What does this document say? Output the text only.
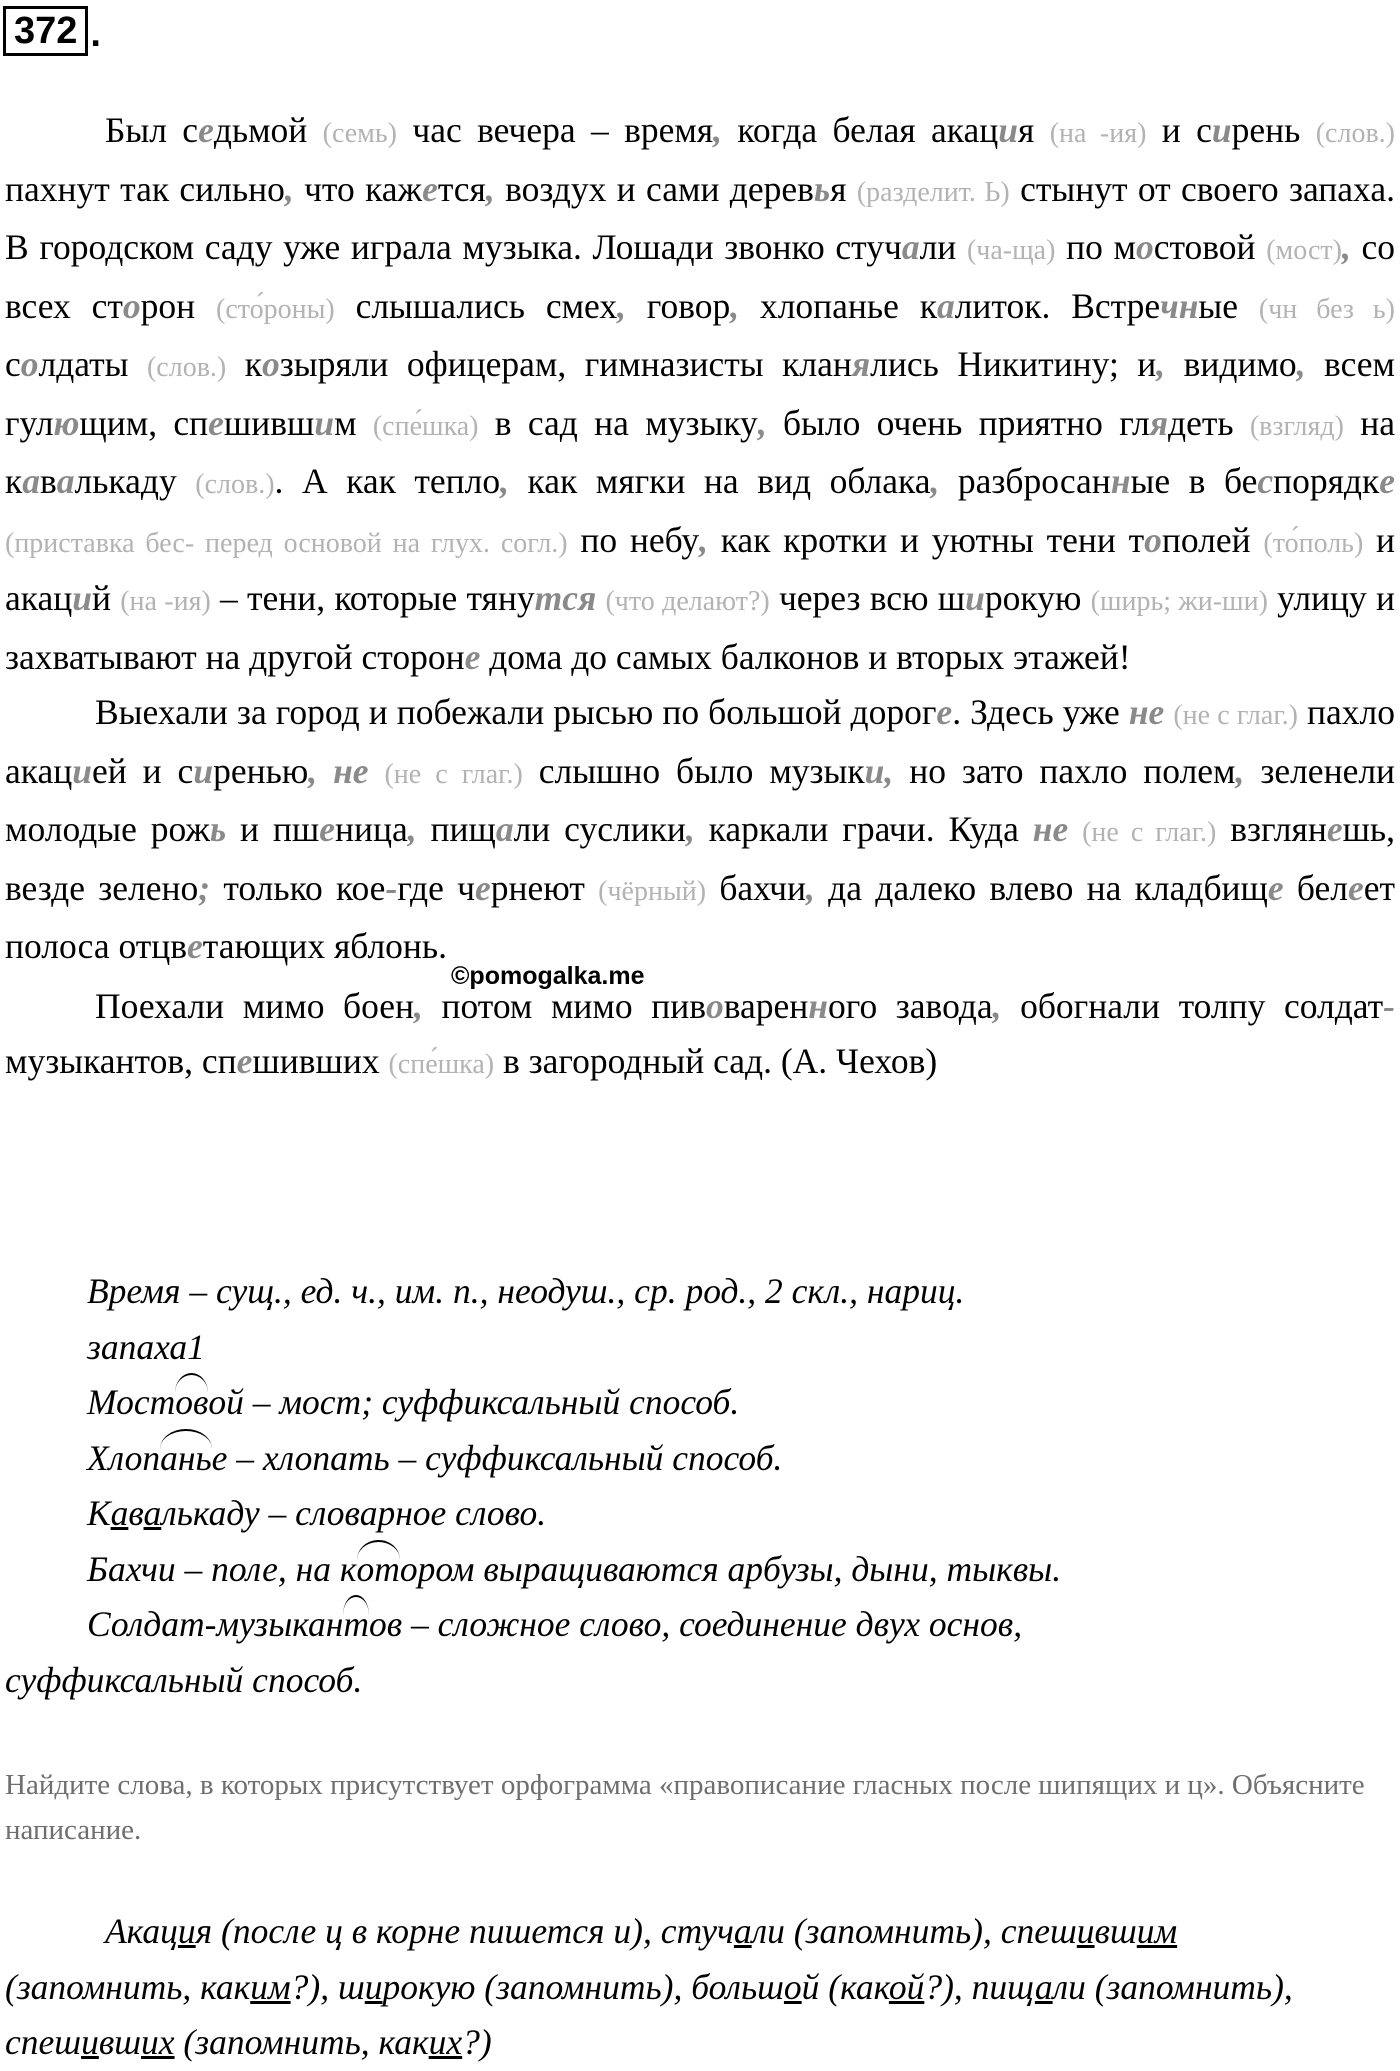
372 .

Был седьмой (семь) час вечера – время, когда белая акация (на -ия) и сирень (слов.) пахнут так сильно, что кажется, воздух и сами деревья (разделит. Ь) стынут от своего запаха. В городском саду уже играла музыка. Лошади звонко стучали (ча-ща) по мостовой (мост), со всех сторон (сто́роны) слышались смех, говор, хлопанье калиток. Встречные (чн без ь) солдаты (слов.) козыряли офицерам, гимназисты кланялись Никитину; и, видимо, всем гулющим, спешившим (спе́шка) в сад на музыку, было очень приятно глядеть (взгляд) на кавалькаду (слов.). А как тепло, как мягки на вид облака, разбросанные в беспорядке (приставка бес- перед основой на глух. согл.) по небу, как кротки и уютны тени тополей (то́поль) и акаций (на -ия) – тени, которые тянутся (что делают?) через всю широкую (ширь; жи-ши) улицу и захватывают на другой стороне дома до самых балконов и вторых этажей!

Выехали за город и побежали рысью по большой дороге. Здесь уже не (не с глаг.) пахло акацией и сиренью, не (не с глаг.) слышно было музыки, но зато пахло полем, зеленели молодые рожь и пшеница, пищали суслики, каркали грачи. Куда не (не с глаг.) взглянешь, везде зелено; только кое-где чернеют (чёрный) бахчи, да далеко влево на кладбище белеет полоса отцветающих $яблонь._{©pomogalka.me}$

Поехали мимо боен, потом мимо пивоваренного завода, обогнали толпу солдат-музыкантов, спешивших (спе́шка) в загородный сад. (А. Чехов)

Время – сущ., ед. ч., им. п., неодуш., ср. род., 2 скл., нариц.
запаха1
Мостовой – мост; суффиксальный способ.
Хлопанье – хлопать – суффиксальный способ.
Кавалькаду – словарное слово.
Бахчи – поле, на котором выращиваются арбузы, дыни, тыквы.
Солдат-музыкантов – сложное слово, соединение двух основ,
суффиксальный способ.
Найдите слова, в которых присутствует орфограмма «правописание гласных после шипящих и ц». Объясните написание.
Акация (после ц в корне пишется и), стучали (запомнить), спешившим
(запомнить, каким?), широкую (запомнить), большой (какой?), пищали (запомнить), спешивших (запомнить, каких?)
